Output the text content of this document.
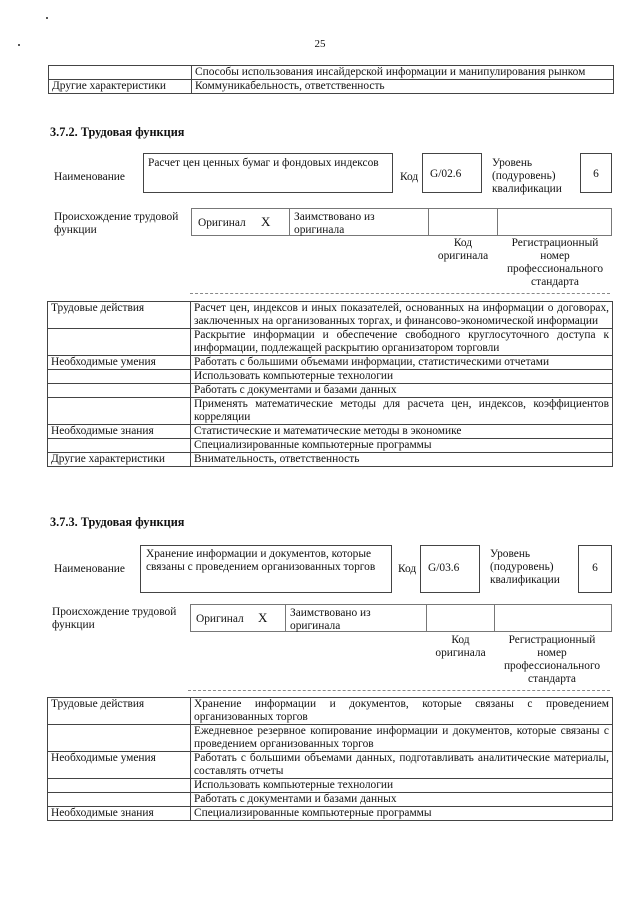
25
	Способы использования инсайдерской информации и манипулирования рынком
Другие характеристики	Коммуникабельность, ответственность
3.7.2. Трудовая функция
Наименование
Расчет цен ценных бумаг и фондовых индексов
Код G/02.6
Уровень (подуровень) квалификации
6
Происхождение трудовой функции
Оригинал X Заимствовано из оригинала
Код оригинала
Регистрационный номер профессионального стандарта
Трудовые действия	Расчет цен, индексов и иных показателей, основанных на информации о договорах, заключенных на организованных торгах, и финансово-экономической информации
	Раскрытие информации и обеспечение свободного круглосуточного доступа к информации, подлежащей раскрытию организатором торговли
Необходимые умения	Работать с большими объемами информации, статистическими отчетами
	Использовать компьютерные технологии
	Работать с документами и базами данных
	Применять математические методы для расчета цен, индексов, коэффициентов корреляции
Необходимые знания	Статистические и математические методы в экономике
	Специализированные компьютерные программы
Другие характеристики	Внимательность, ответственность
3.7.3. Трудовая функция
Наименование
Хранение информации и документов, которые связаны с проведением организованных торгов	Код G/03.6
Уровень (подуровень) квалификации
6
Происхождение трудовой функции	Оригинал X Заимствовано из оригинала
Код оригинала
Регистрационный номер профессионального стандарта
Трудовые действия	Хранение информации и документов, которые связаны с проведением организованных торгов
	Ежедневное резервное копирование информации и документов, которые связаны с проведением организованных торгов
Необходимые умения	Работать с большими объемами данных, подготавливать аналитические материалы, составлять отчеты
	Использовать компьютерные технологии
	Работать с документами и базами данных
Необходимые знания	Специализированные компьютерные программы
